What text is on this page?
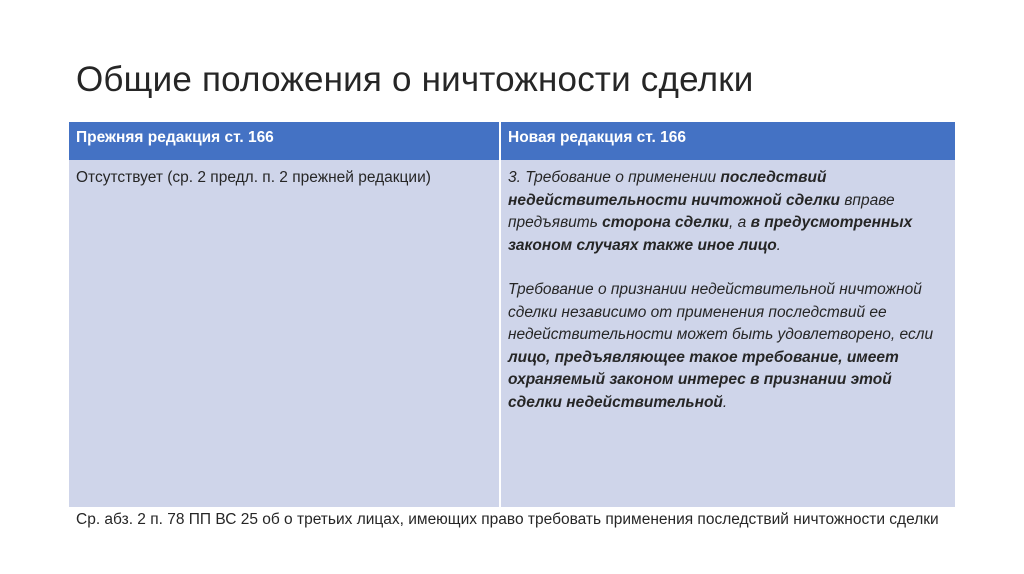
Общие положения о ничтожности сделки
Прежняя редакция ст. 166	Новая редакция ст. 166
Отсутствует (ср. 2 предл. п. 2 прежней редакции)	3. Требование о применении последствий недействительности ничтожной сделки вправе предъявить сторона сделки, а в предусмотренных законом случаях также иное лицо.

Требование о признании недействительной ничтожной сделки независимо от применения последствий ее недействительности может быть удовлетворено, если лицо, предъявляющее такое требование, имеет охраняемый законом интерес в признании этой сделки недействительной.

Ср. абз. 2 п. 78 ПП ВС 25 об о третьих лицах, имеющих право требовать применения последствий ничтожности сделки
